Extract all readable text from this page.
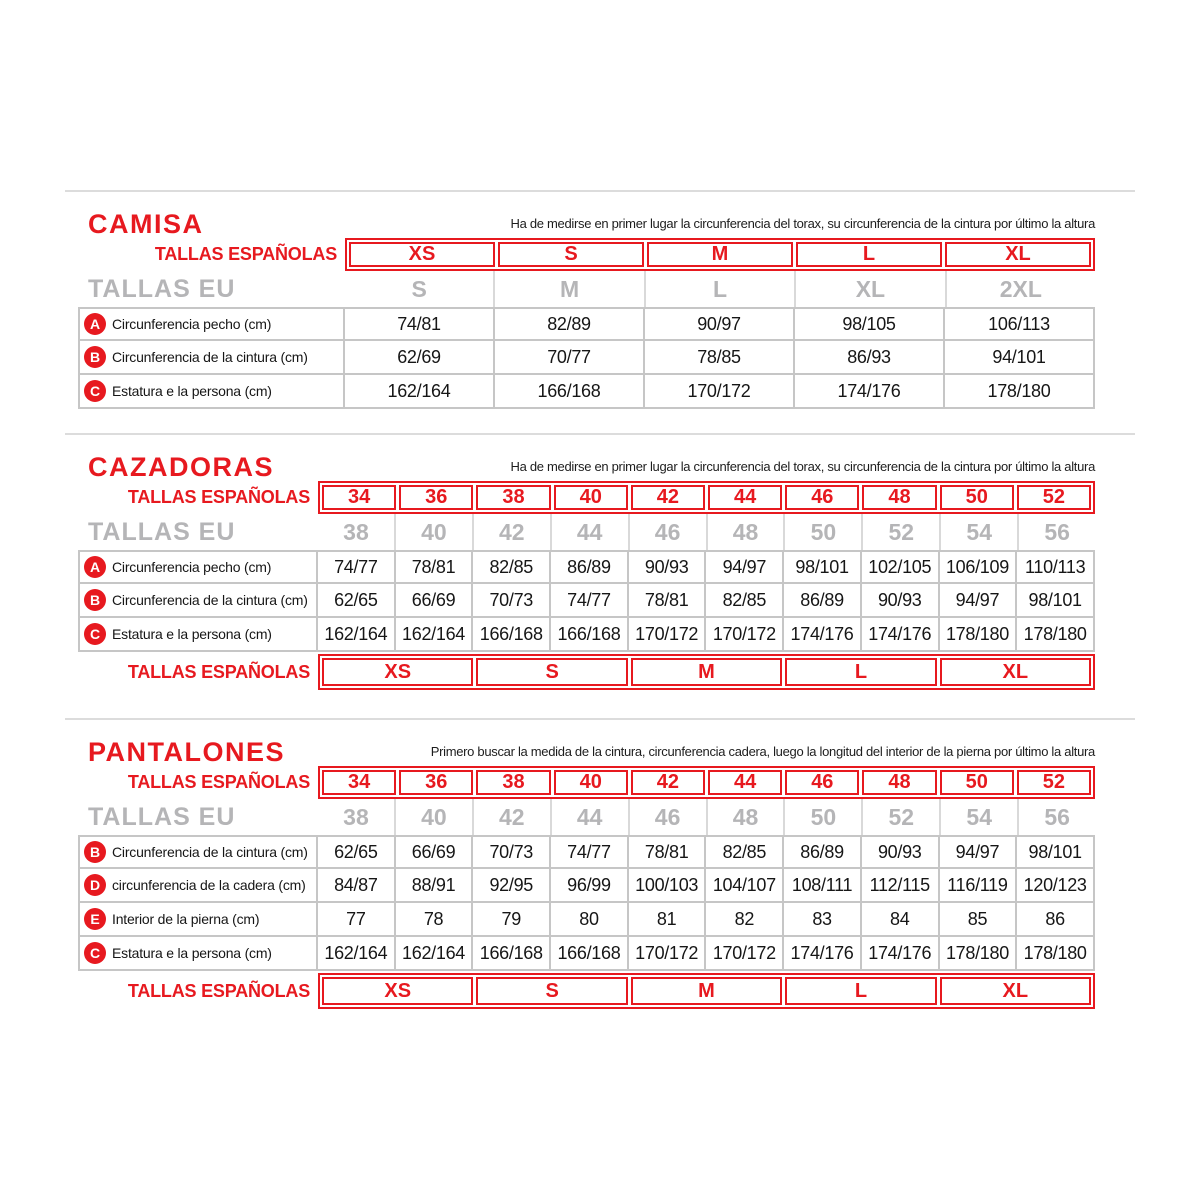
CAMISA	Ha de medirse en primer lugar la circunferencia del torax, su circunferencia de la cintura por último la altura
TALLAS ESPAÑOLAS	XS	S	M	L	XL
TALLAS EU	S	M	L	XL	2XL
A Circunferencia pecho (cm)	74/81	82/89	90/97	98/105	106/113
B Circunferencia de la cintura (cm)	62/69	70/77	78/85	86/93	94/101
C Estatura e la persona (cm)	162/164	166/168	170/172	174/176	178/180
CAZADORAS	Ha de medirse en primer lugar la circunferencia del torax, su circunferencia de la cintura por último la altura
TALLAS ESPAÑOLAS	34	36	38	40	42	44	46	48	50	52
TALLAS EU	38	40	42	44	46	48	50	52	54	56
A Circunferencia pecho (cm)	74/77	78/81	82/85	86/89	90/93	94/97	98/101	102/105 106/109 110/113
B Circunferencia de la cintura (cm)	62/65	66/69	70/73	74/77	78/81	82/85	86/89	90/93	94/97	98/101
C Estatura e la persona (cm)	162/164 162/164 166/168 166/168 170/172 170/172 174/176 174/176 178/180 178/180
TALLAS ESPAÑOLAS	XS	S	M	L	XL
PANTALONES	Primero buscar la medida de la cintura, circunferencia cadera, luego la longitud del interior de la pierna por último la altura
TALLAS ESPAÑOLAS	34	36	38	40	42	44	46	48	50	52
TALLAS EU	38	40	42	44	46	48	50	52	54	56
B Circunferencia de la cintura (cm)	62/65	66/69	70/73	74/77	78/81	82/85	86/89	90/93	94/97	98/101
D circunferencia de la cadera (cm)	84/87	88/91	92/95	96/99	100/103 104/107 108/111 112/115 116/119 120/123
E Interior de la pierna (cm)	77	78	79	80	81	82	83	84	85	86
C Estatura e la persona (cm)	162/164 162/164 166/168 166/168 170/172 170/172 174/176 174/176 178/180 178/180
TALLAS ESPAÑOLAS	XS	S	M	L	XL
